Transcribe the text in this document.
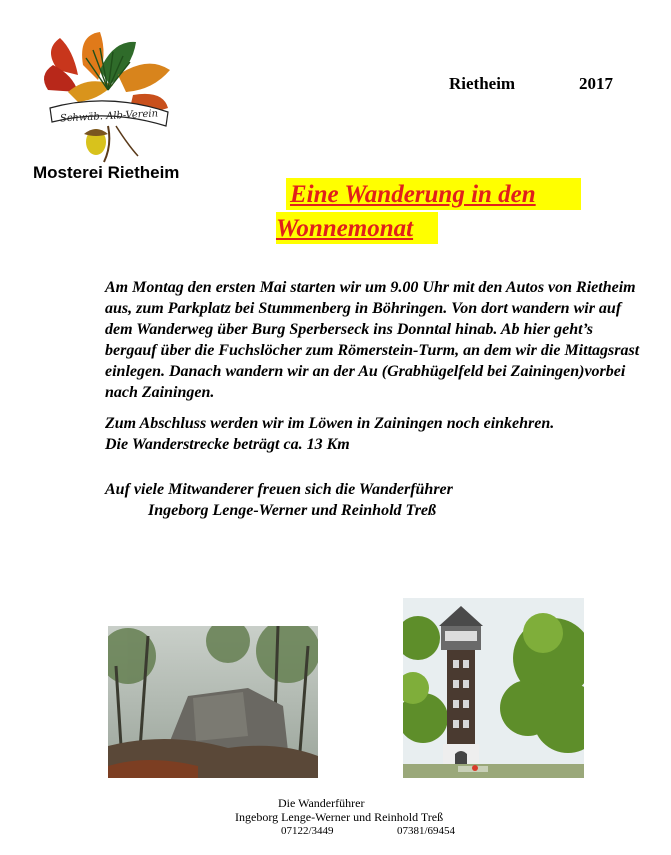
Schwäb. Alb-Verein
Mosterei Rietheim
Rietheim	2017
Eine Wanderung in den
Wonnemonat

Am Montag den ersten Mai starten wir um 9.00 Uhr mit den Autos von Rietheim aus, zum Parkplatz bei Stummenberg in Böhringen. Von dort wandern wir auf dem Wanderweg über Burg Sperberseck ins Donntal hinab. Ab hier geht’s bergauf über die Fuchslöcher zum Römerstein-Turm, an dem wir die Mittagsrast einlegen. Danach wandern wir an der Au (Grabhügelfeld bei Zainingen)vorbei nach Zainingen.

Zum Abschluss werden wir im Löwen in Zainingen noch einkehren.
Die Wanderstrecke beträgt ca. 13 Km

Auf viele Mitwanderer freuen sich die Wanderführer
Ingeborg Lenge-Werner und Reinhold Treß

Die Wanderführer
Ingeborg Lenge-Werner und Reinhold Treß
07122/3449	07381/69454
